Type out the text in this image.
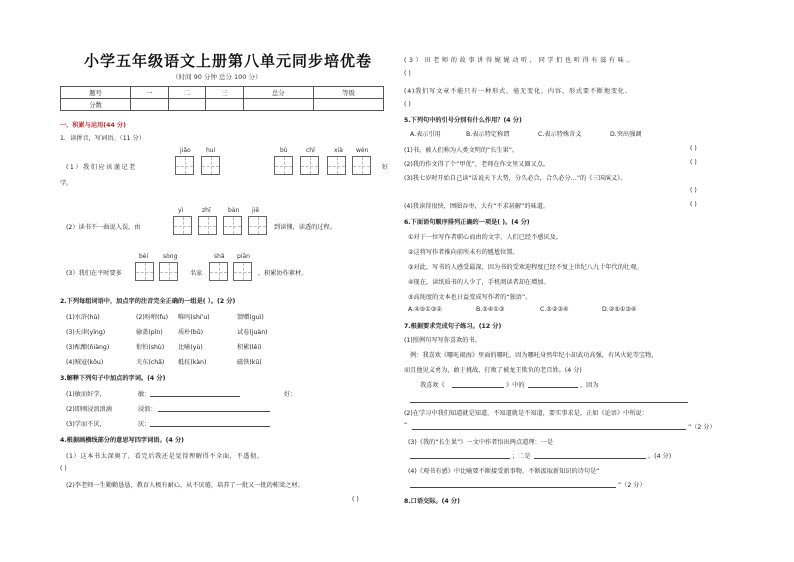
小学五年级语文上册第八单元同步培优卷
（时间 90 分钟 总分 100 分）
题号	一	二	三	总分	等级
分数					
一、积累与运用(44 分)
1．读拼音，写词语。（11 分）
jiǎo	hui	bù	chǐ	xià wèn
(1）我们应该谨记老	好
学。
yì	zhī	bàn jiě
(2）读书不一曲说入误，由	到读懂，读透的过程。
bèi sòng	shǎ piān
(3）我们在平时要多	名家	，积累协作素材。
2.下列每组词语中，加点字的注音完全正确的一组是( ）。(2 分)
(1)水浒(hǔ)	(2)吩咐(fu) 唯吗(shí'u)	馈赠(guì)
(3)天津(yīng)	偷盖(pǐn) 质朴(bǔ)	试卷(juàn)
(3)酝酿(ňiàng)	衔怕(shù) 比喻(yù)	积累(lěi)
(4)贼寇(kǒu)	关东(chǎ) 抵抗(kàn)	磁铁(kū)
3.解释下列句子中加点的字词。(4 分)
(1)敏而好学，	敏：	好：
(2)即刚浸浪浪滴	浸浪：
(3)学而不厌，	厌：
4.根据画横线部分的意思写四字词语。(4 分)
(1）这本书太深奥了，看完后我还是觉得理解得不全面，不透彻。
( )
(2)李老师一生勤勤恳恳，教育人极有耐心，从不厌倦，培养了一批又一批的栋梁之材。
( )
(3）田老师的故事讲得娓娓动听，同学们也听得有滋有味。
( )
(4)我们写文章不能只有一种形式，毫无变化，内容、形式要不断地变化。
( )
5.下列句中的引号分别有什么作用？(4 分)
A.表示引用	B.表示特定称谓	C.表示特殊含义	D.突出强调
(1)书，被人们称为人类文明的“长生果”。	( )
(2)我的作文得了个“甲优”，老师在作文里又圈又点。	( )
(3)我七岁时开始自己读“话说天下大势，分久必合，合久必分…”的《三国演义》。
( )
(4)我读得很快，囫囵吞枣，大有“不求甚解”的味道。	( )
6.下面语句顺序排列正确的一项是( )。(4 分)
①对于一位写作者职心而由的文字，人们已经不感厌及。
②这将写作者推向前所未有的尴尬位置。
③对此，写书的人感受最深，因为书的受欢迎程度已经不复上世纪八九十年代的壮观。
④现在，读纸质书的人少了，手机阅读者却在增加。
⑤高纯度的文本也日益变成写作者的“独语”。
A.④⑤①③②	B.⑤④①③	C.⑤②③④	D.②⑤①③④
7.根据要求完成句子练习。(12 分)
(1)照例句写写你喜欢的书。
例：我喜欢《哪吒闹海》里面的哪吒，因为哪吒身然年纪小却武功高强，有风火轮等宝物，
而且他见义勇为，敢于挑战，打败了被龙王欺负的老百姓。(4 分)
我喜欢《	》中的	，因为
(2)在学习中我们知道就是知道，不知道就是不知道，要实事求是，正如《论语》中所说：
“	”（2 分）
(3)《我的“长生果”》一文中作者悟出两点道理：一是
；二是	。(4 分)
(4)《观书有感》中比喻要不断接受新事物，不断汲取新知识的诗句是“
”（2 分）
8.口语交际。(4 分)
